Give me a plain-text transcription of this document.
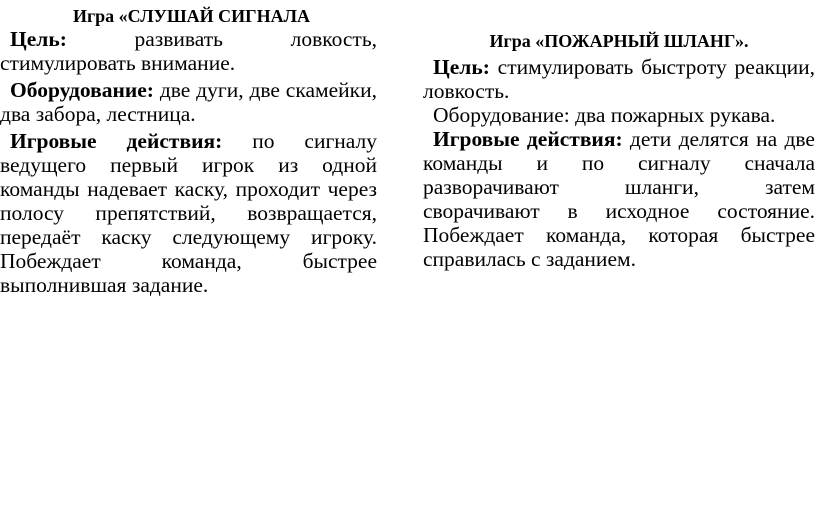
Игра «СЛУШАЙ СИГНАЛА

Цель: развивать ловкость, стимулировать внимание.

Оборудование: две дуги, две скамейки, два забора, лестница.

Игровые действия: по сигналу ведущего первый игрок из одной команды надевает каску, проходит через полосу препятствий, возвращается, передаёт каску следующему игроку. Побеждает команда, быстрее выполнившая задание.

Игра «ПОЖАРНЫЙ ШЛАНГ».

Цель: стимулировать быстроту реакции, ловкость.

Оборудование: два пожарных рукава.

Игровые действия: дети делятся на две команды и по сигналу сначала разворачивают шланги, затем сворачивают в исходное состояние. Побеждает команда, которая быстрее справилась с заданием.
